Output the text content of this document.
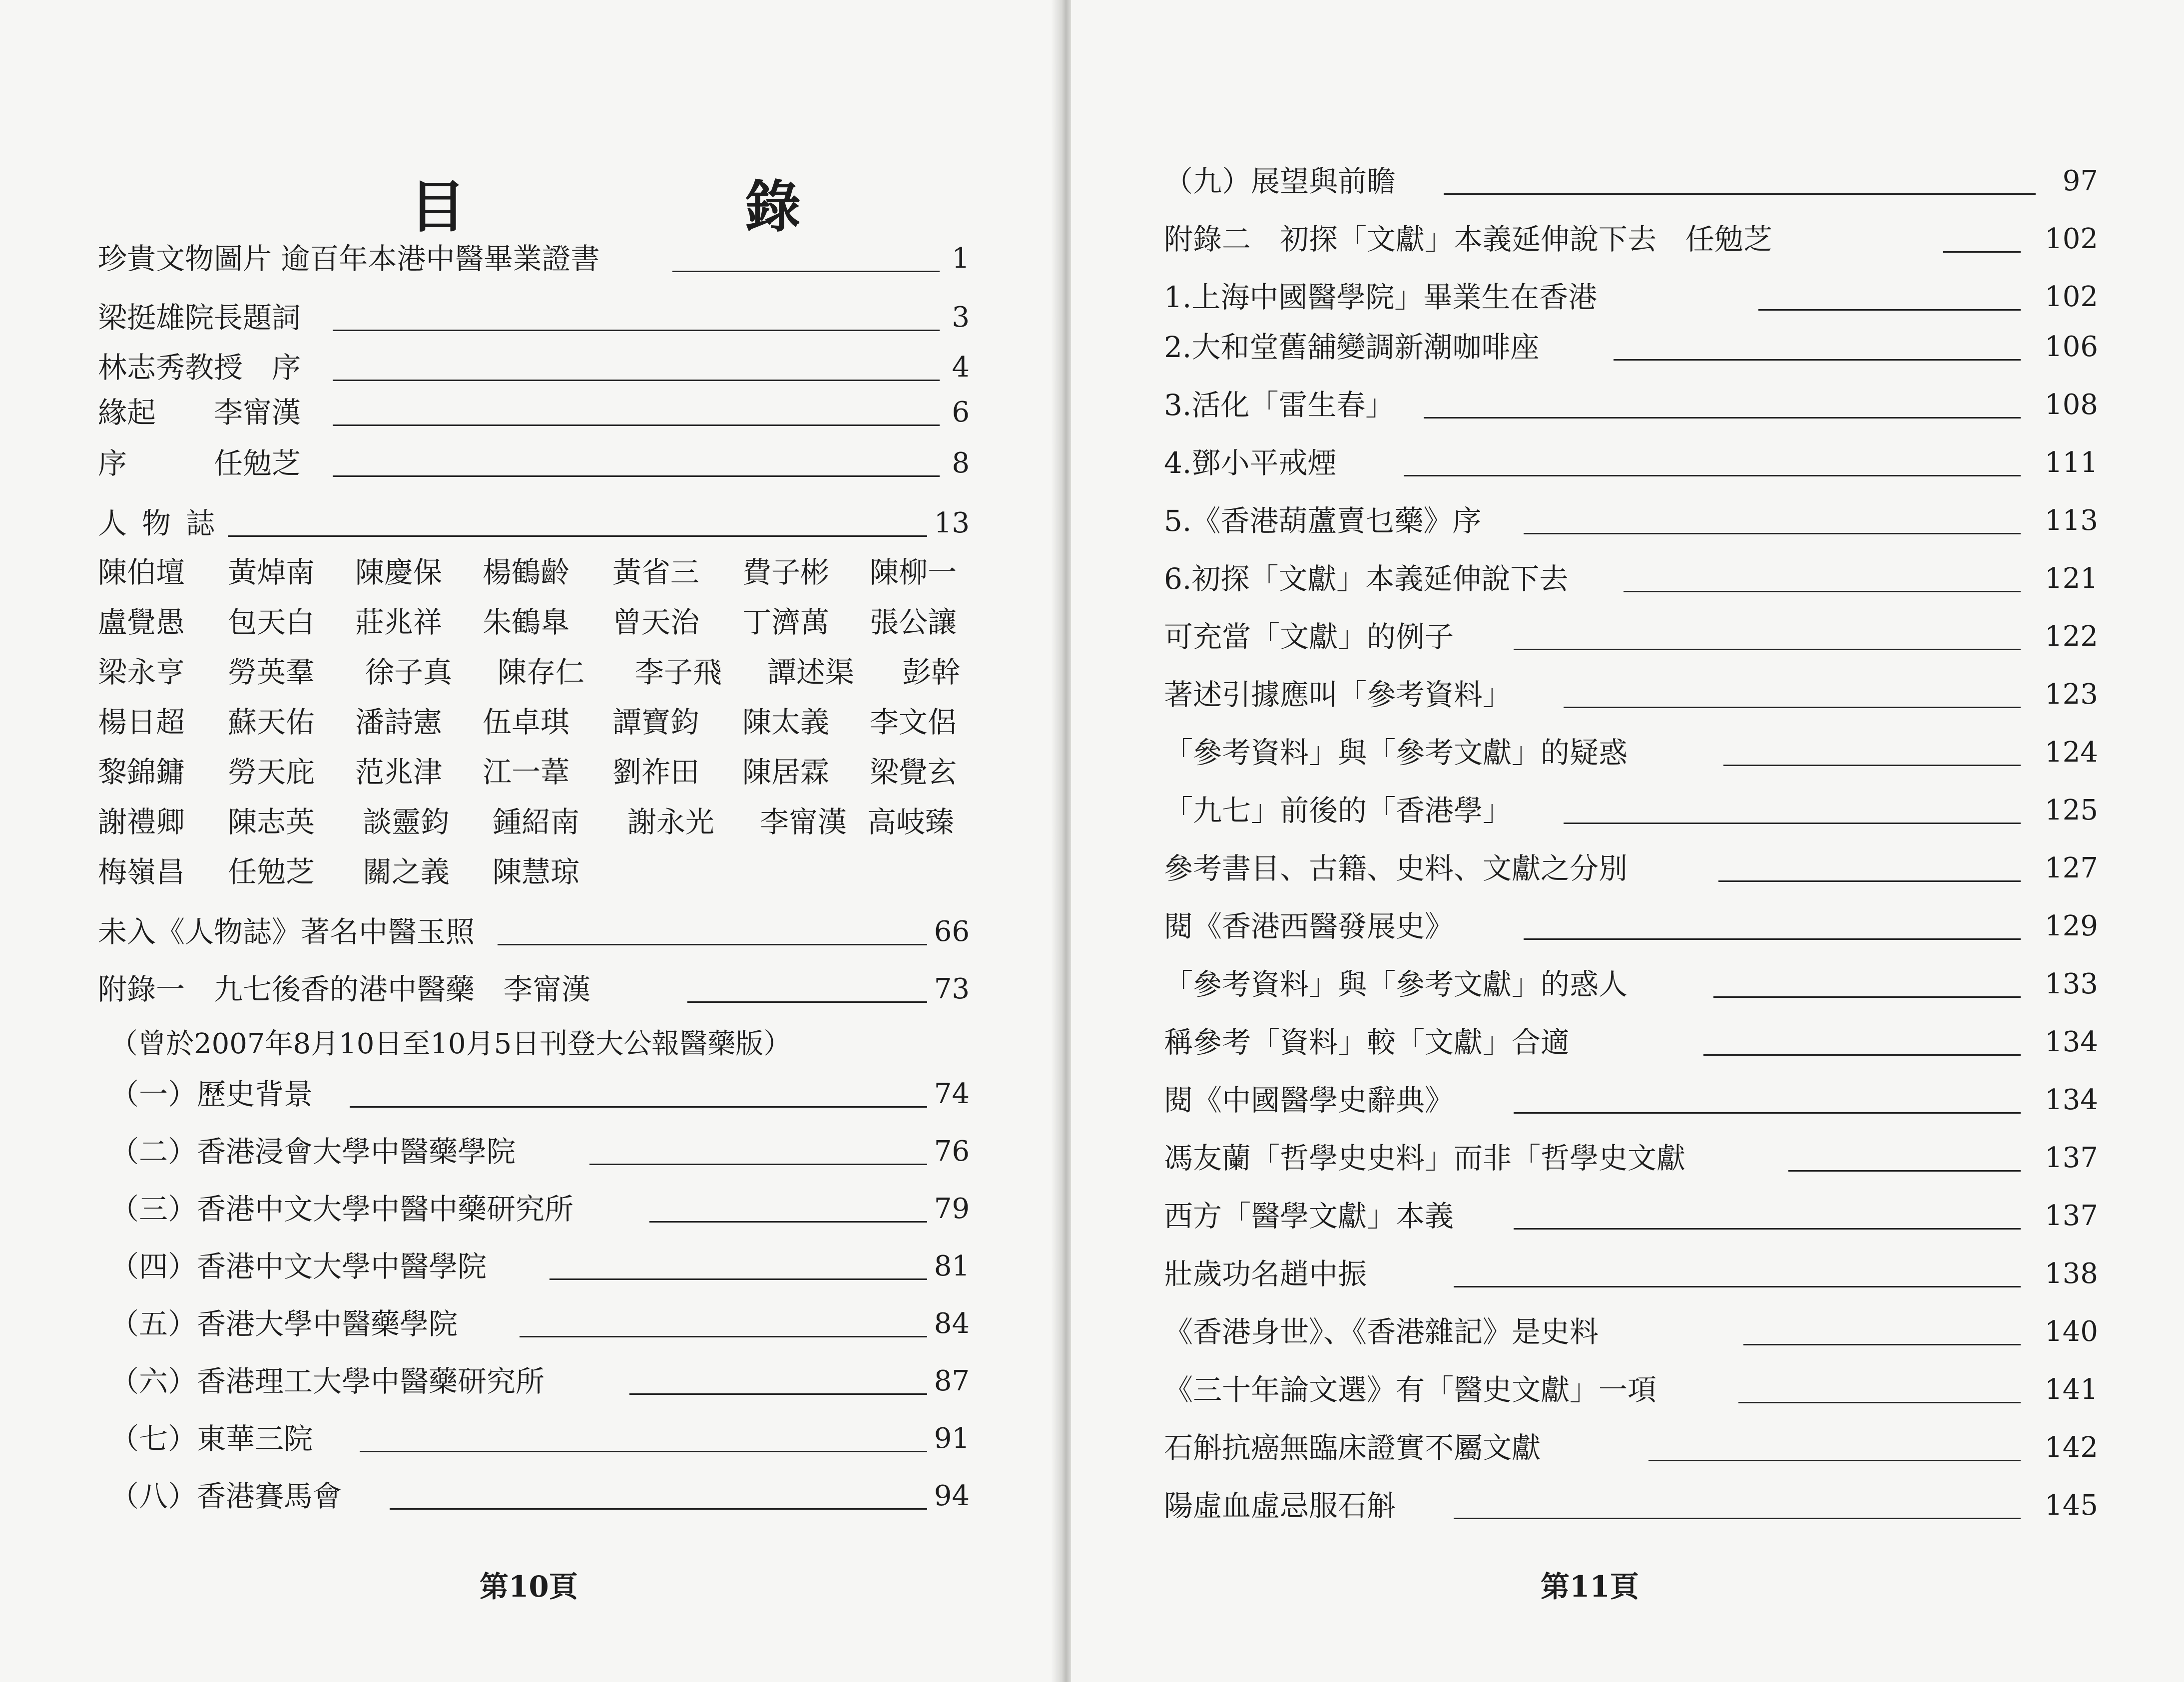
目 錄
珍貴文物圖片 逾百年本港中醫畢業證書	1
梁挺雄院長題詞	3
林志秀教授　序	4
緣起　　李甯漢	6
序　　　任勉芝	8
人物誌	13
陳伯壇 黃焯南 陳慶保 楊鶴齡 黃省三 費子彬 陳柳一
盧覺愚 包天白 莊兆祥 朱鶴臯 曾天治 丁濟萬 張公讓
梁永亨 勞英羣 徐子真 陳存仁 李子飛 譚述渠 彭幹
楊日超 蘇天佑 潘詩憲 伍卓琪 譚寶鈞 陳太義 李文侶
黎錦鏞 勞天庇 范兆津 江一葦 劉祚田 陳居霖 梁覺玄
謝禮卿 陳志英 談靈鈞 鍾紹南 謝永光 李甯漢 高岐臻
梅嶺昌 任勉芝 關之義 陳慧琼
未入《人物誌》著名中醫玉照	66
附錄一　九七後香的港中醫藥　李甯漢	73
（曾於2007年8月10日至10月5日刊登大公報醫藥版）
（一）歷史背景	74
（二）香港浸會大學中醫藥學院	76
（三）香港中文大學中醫中藥研究所	79
（四）香港中文大學中醫學院	81
（五）香港大學中醫藥學院	84
（六）香港理工大學中醫藥研究所	87
（七）東華三院	91
（八）香港賽馬會	94
第10頁
（九）展望與前瞻	97
附錄二　初探「文獻」本義延伸說下去　任勉芝	102
1.上海中國醫學院」畢業生在香港	102
2.大和堂舊舖變調新潮咖啡座	106
3.活化「雷生春」	108
4.鄧小平戒煙	111
5.《香港葫蘆賣乜藥》序	113
6.初探「文獻」本義延伸說下去	121
可充當「文獻」的例子	122
著述引據應叫「參考資料」	123
「參考資料」與「參考文獻」的疑惑	124
「九七」前後的「香港學」	125
參考書目、古籍、史料、文獻之分別	127
閱《香港西醫發展史》	129
「參考資料」與「參考文獻」的惑人	133
稱參考「資料」較「文獻」合適	134
閱《中國醫學史辭典》	134
馮友蘭「哲學史史料」而非「哲學史文獻	137
西方「醫學文獻」本義	137
壯歲功名趙中振	138
《香港身世》、《香港雜記》是史料	140
《三十年論文選》有「醫史文獻」一項	141
石斛抗癌無臨床證實不屬文獻	142
陽虛血虛忌服石斛	145
第11頁
